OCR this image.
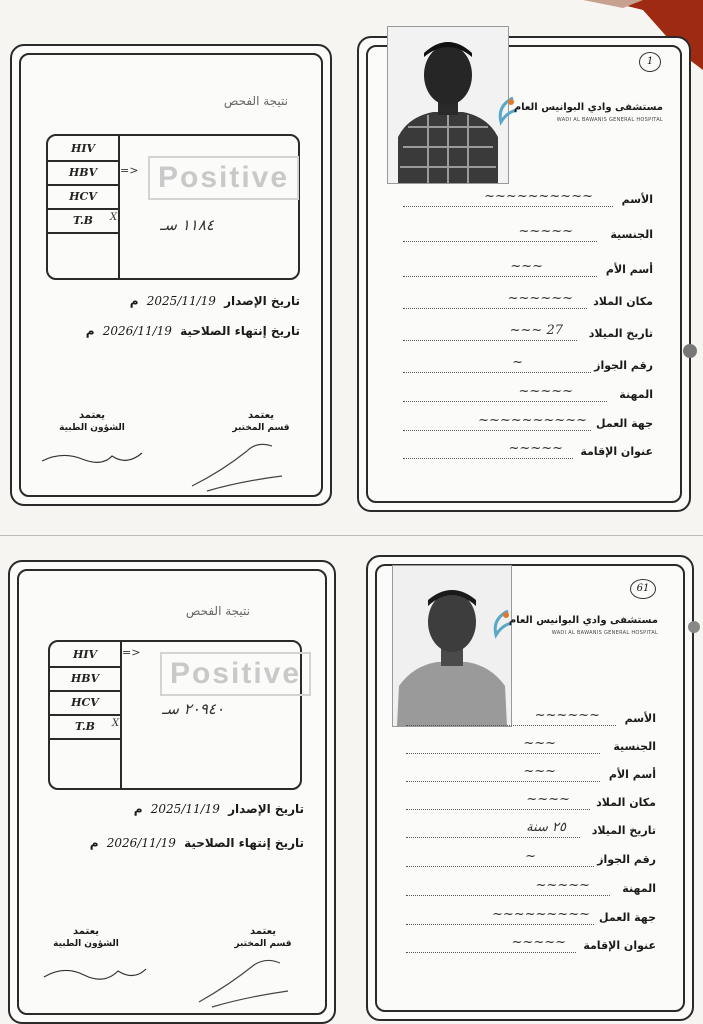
نتيجة الفحص
HIV
HBV
HCV
T.B
=>
X
Positive
١١٨٤ سـ
تاريخ الإصدار 2025/11/19 م
تاريخ إنتهاء الصلاحية 2026/11/19 م
يعتمد
قسم المختبر
يعتمد
الشؤون الطبية
1
مستشفى وادي البوانيس العام
WADI AL BAWANIS GENERAL HOSPITAL
الأسم
~~~~~~~~~~
الجنسية
~~~~~
أسم الأم
~~~
مكان الملاد
~~~~~~
تاريخ الميلاد
27 ~~~
رقم الجواز
~
المهنة
~~~~~
جهة العمل
~~~~~~~~~~
عنوان الإقامة
~~~~~
نتيجة الفحص
HIV
HBV
HCV
T.B
=>
X
Positive
٢٠٩٤٠ سـ
تاريخ الإصدار 2025/11/19 م
تاريخ إنتهاء الصلاحية 2026/11/19 م
يعتمد
قسم المختبر
يعتمد
الشؤون الطبية
61
مستشفى وادي البوانيس العام
WADI AL BAWANIS GENERAL HOSPITAL
الأسم
~~~~~~
الجنسية
~~~
أسم الأم
~~~
مكان الملاد
~~~~
تاريخ الميلاد
٢٥ سنة
رقم الجواز
~
المهنة
~~~~~
جهة العمل
~~~~~~~~~
عنوان الإقامة
~~~~~
